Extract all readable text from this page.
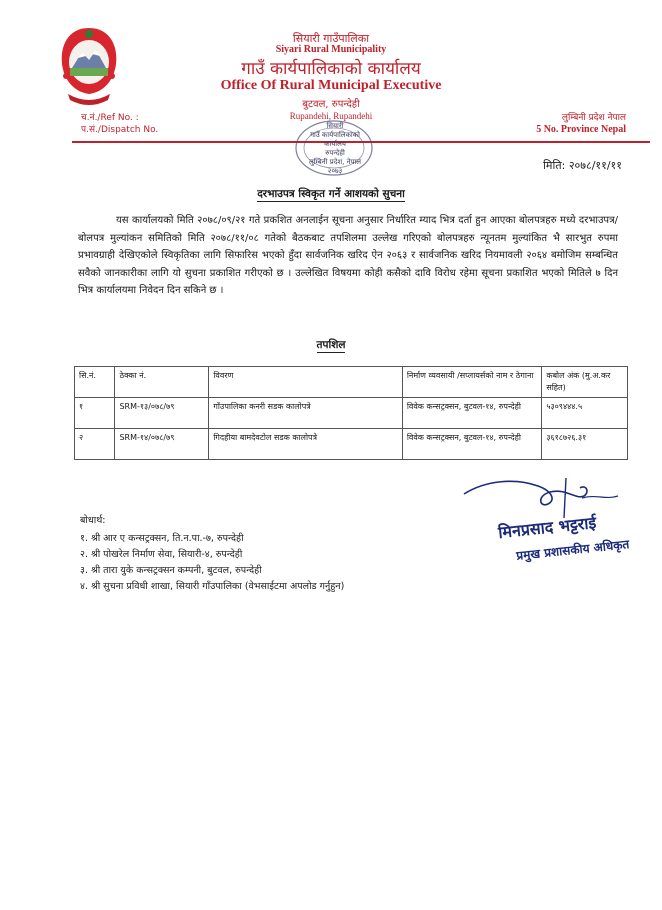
सियारी गाउँपालिका
Siyari Rural Municipality
गाउँ कार्यपालिकाको कार्यालय
Office Of Rural Municipal Executive
बुटवल, रुपन्देही
Rupandehi, Rupandehi
च.नं./Ref No. :
प.सं./Dispatch No.
लुम्बिनी प्रदेश नेपाल
5 No. Province Nepal
सियारी
गाउँ कार्यपालिकाको
कार्यालय
रुपन्देही
लुम्बिनी प्रदेश, नेपाल
२०७३	मिति: २०७८/११/११
दरभाउपत्र स्विकृत गर्ने आशयको सुचना
यस कार्यालयको मिति २०७८/०९/२१ गते प्रकशित अनलाईन सूचना अनुसार निर्धारित म्याद भित्र दर्ता हुन आएका बोलपत्रहरु मध्ये दरभाउपत्र/बोलपत्र मुल्यांकन समितिको मिति २०७८/११/०८ गतेको बैठकबाट तपशिलमा उल्लेख गरिएको बोलपत्रहरु न्यूनतम मुल्यांकित भै सारभुत रुपमा प्रभावग्राही देखिएकोले स्विकृतिका लागि सिफारिस भएको हुँदा सार्वजनिक खरिद ऐन २०६३ र सार्वजनिक खरिद नियमावली २०६४ बमोजिम सम्बन्धित सवैको जानकारीका लागि यो सुचना प्रकाशित गरीएको छ । उल्लेखित विषयमा कोही कसैको दावि विरोध रहेमा सूचना प्रकाशित भएको मितिले ७ दिन भित्र कार्यालयमा निवेदन दिन सकिने छ ।
तपशिल
सि.नं.	ठेक्का नं.	विवरण	निर्माण व्यवसायी /सप्लायर्सको नाम र ठेगाना	कबोल अंक (मु.अ.कर सहित)
१	SRM-१३/०७८/७९	गाँउपालिका कनरी सडक कालोपत्रे	विवेक कन्सट्रक्सन, बुटवल-१४, रुपन्देही	५३०९४४४.५
२	SRM-१४/०७८/७९	गिदहीया बामदेवटोल सडक कालोपत्रे	विवेक कन्सट्रक्सन, बुटवल-१४, रुपन्देही	३६१८७२६.३१
मिनप्रसाद भट्टराई
प्रमुख प्रशासकीय अधिकृत
बोधार्थ:
१. श्री आर ए कन्सट्रक्सन, ति.न.पा.-७, रुपन्देही
२. श्री पोखरेल निर्माण सेवा, सियारी-४, रुपन्देही
३. श्री तारा युके कन्सट्रक्सन कम्पनी, बुटवल, रुपन्देही
४. श्री सुचना प्रविधी शाखा, सियारी गाँउपालिका (वेभसाईटमा अपलोड गर्नुहुन)
